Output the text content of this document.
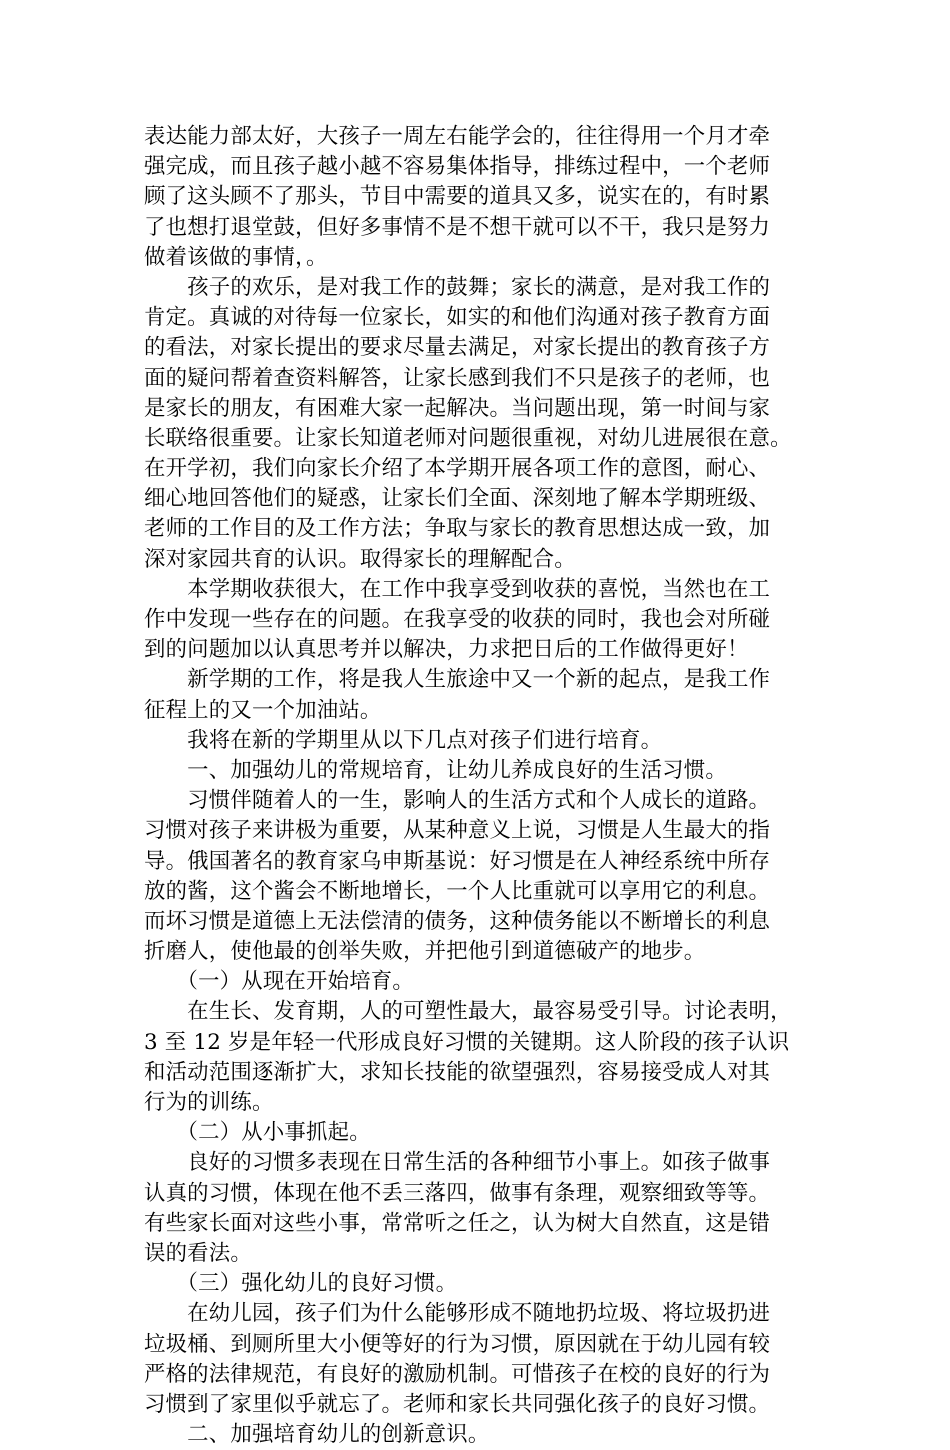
表达能力部太好，大孩子一周左右能学会的，往往得用一个月才牵
强完成，而且孩子越小越不容易集体指导，排练过程中，一个老师
顾了这头顾不了那头，节目中需要的道具又多，说实在的，有时累
了也想打退堂鼓，但好多事情不是不想干就可以不干，我只是努力
做着该做的事情，。
　　孩子的欢乐，是对我工作的鼓舞；家长的满意，是对我工作的
肯定。真诚的对待每一位家长，如实的和他们沟通对孩子教育方面
的看法，对家长提出的要求尽量去满足，对家长提出的教育孩子方
面的疑问帮着查资料解答，让家长感到我们不只是孩子的老师，也
是家长的朋友，有困难大家一起解决。当问题出现，第一时间与家
长联络很重要。让家长知道老师对问题很重视，对幼儿进展很在意。
在开学初，我们向家长介绍了本学期开展各项工作的意图，耐心、
细心地回答他们的疑惑，让家长们全面、深刻地了解本学期班级、
老师的工作目的及工作方法；争取与家长的教育思想达成一致，加
深对家园共育的认识。取得家长的理解配合。
　　本学期收获很大，在工作中我享受到收获的喜悦，当然也在工
作中发现一些存在的问题。在我享受的收获的同时，我也会对所碰
到的问题加以认真思考并以解决，力求把日后的工作做得更好！
　　新学期的工作，将是我人生旅途中又一个新的起点，是我工作
征程上的又一个加油站。
　　我将在新的学期里从以下几点对孩子们进行培育。
　　一、加强幼儿的常规培育，让幼儿养成良好的生活习惯。
　　习惯伴随着人的一生，影响人的生活方式和个人成长的道路。
习惯对孩子来讲极为重要，从某种意义上说，习惯是人生最大的指
导。俄国著名的教育家乌申斯基说：好习惯是在人神经系统中所存
放的酱，这个酱会不断地增长，一个人比重就可以享用它的利息。
而坏习惯是道德上无法偿清的债务，这种债务能以不断增长的利息
折磨人，使他最的创举失败，并把他引到道德破产的地步。
　　（一）从现在开始培育。
　　在生长、发育期，人的可塑性最大，最容易受引导。讨论表明，
3 至 12 岁是年轻一代形成良好习惯的关键期。这人阶段的孩子认识
和活动范围逐渐扩大，求知长技能的欲望强烈，容易接受成人对其
行为的训练。
　　（二）从小事抓起。
　　良好的习惯多表现在日常生活的各种细节小事上。如孩子做事
认真的习惯，体现在他不丢三落四，做事有条理，观察细致等等。
有些家长面对这些小事，常常听之任之，认为树大自然直，这是错
误的看法。
　　（三）强化幼儿的良好习惯。
　　在幼儿园，孩子们为什么能够形成不随地扔垃圾、将垃圾扔进
垃圾桶、到厕所里大小便等好的行为习惯，原因就在于幼儿园有较
严格的法律规范，有良好的激励机制。可惜孩子在校的良好的行为
习惯到了家里似乎就忘了。老师和家长共同强化孩子的良好习惯。
　　二、加强培育幼儿的创新意识。
